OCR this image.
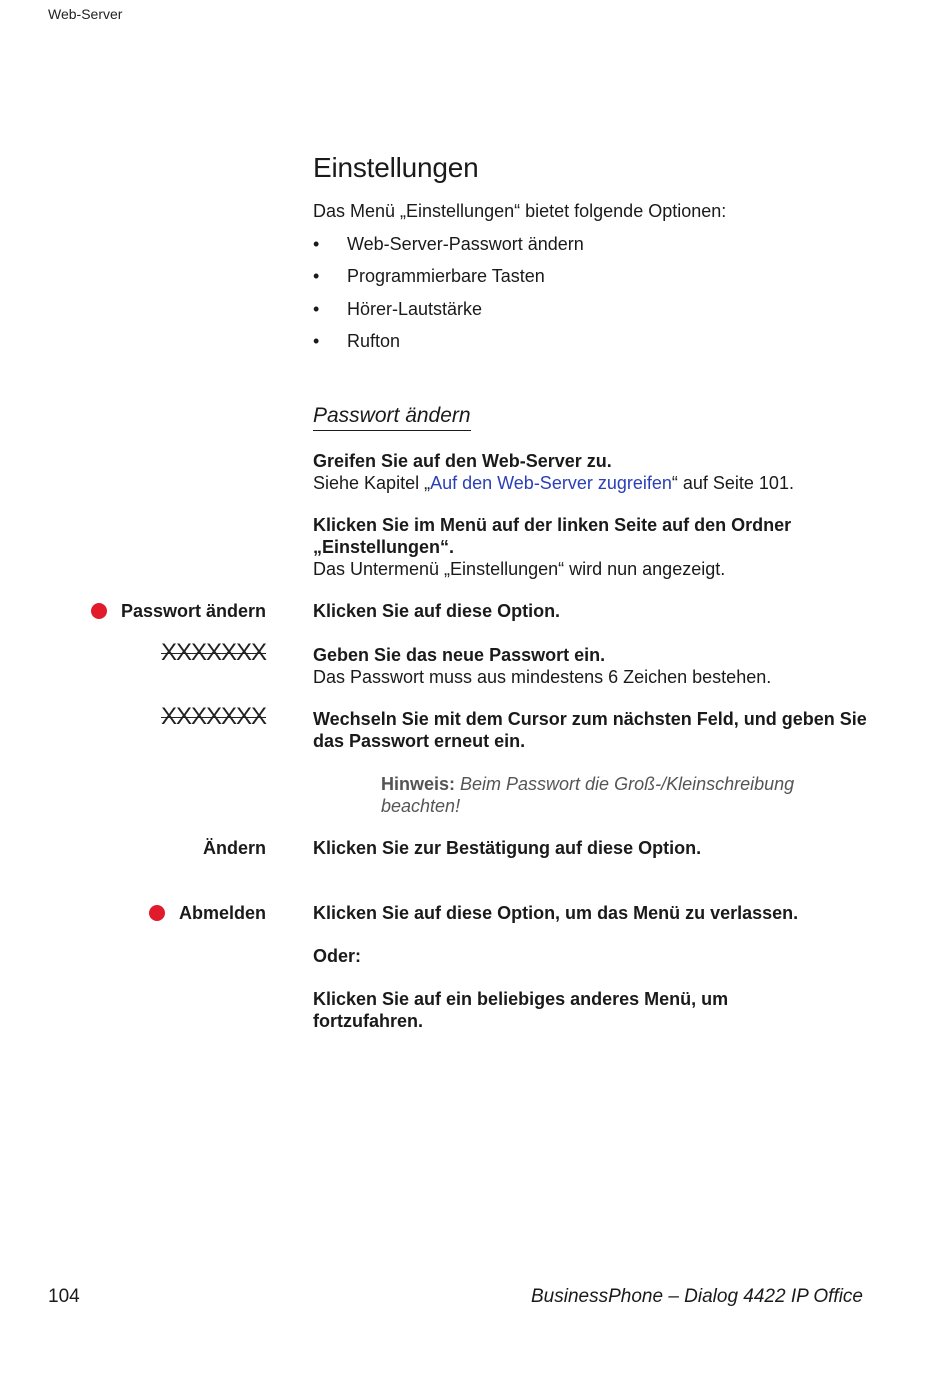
Web-Server
Einstellungen
Das Menü „Einstellungen“ bietet folgende Optionen:
• Web-Server-Passwort ändern
• Programmierbare Tasten
• Hörer-Lautstärke
• Rufton
Passwort ändern
Greifen Sie auf den Web-Server zu.
Siehe Kapitel „Auf den Web-Server zugreifen“ auf Seite 101.
Klicken Sie im Menü auf der linken Seite auf den Ordner „Einstellungen“.
Das Untermenü „Einstellungen“ wird nun angezeigt.
Passwort ändern	Klicken Sie auf diese Option.
XXXXXXX	Geben Sie das neue Passwort ein.
Das Passwort muss aus mindestens 6 Zeichen bestehen.
XXXXXXX	Wechseln Sie mit dem Cursor zum nächsten Feld, und geben Sie das Passwort erneut ein.
Hinweis: Beim Passwort die Groß-/Kleinschreibung beachten!
Ändern	Klicken Sie zur Bestätigung auf diese Option.
Abmelden	Klicken Sie auf diese Option, um das Menü zu verlassen.
Oder:
Klicken Sie auf ein beliebiges anderes Menü, um fortzufahren.
104	BusinessPhone – Dialog 4422 IP Office
